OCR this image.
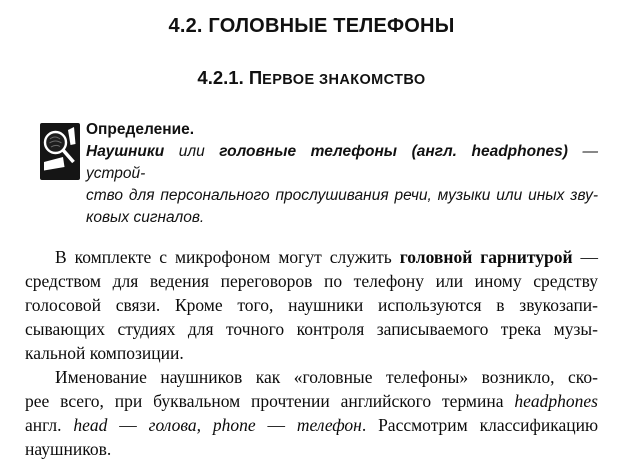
4.2. ГОЛОВНЫЕ ТЕЛЕФОНЫ
4.2.1. ПЕРВОЕ ЗНАКОМСТВО
Определение.
Наушники или головные телефоны (англ. headphones) — устрой-
ство для персонального прослушивания речи, музыки или иных зву-
ковых сигналов.
В комплекте с микрофоном могут служить головной гарнитурой —
средством для ведения переговоров по телефону или иному средству
голосовой связи. Кроме того, наушники используются в звукозапи-
сывающих студиях для точного контроля записываемого трека музы-
кальной композиции.
Именование наушников как «головные телефоны» возникло, ско-
рее всего, при буквальном прочтении английского термина headphones
англ. head — голова, phone — телефон. Рассмотрим классификацию
наушников.
